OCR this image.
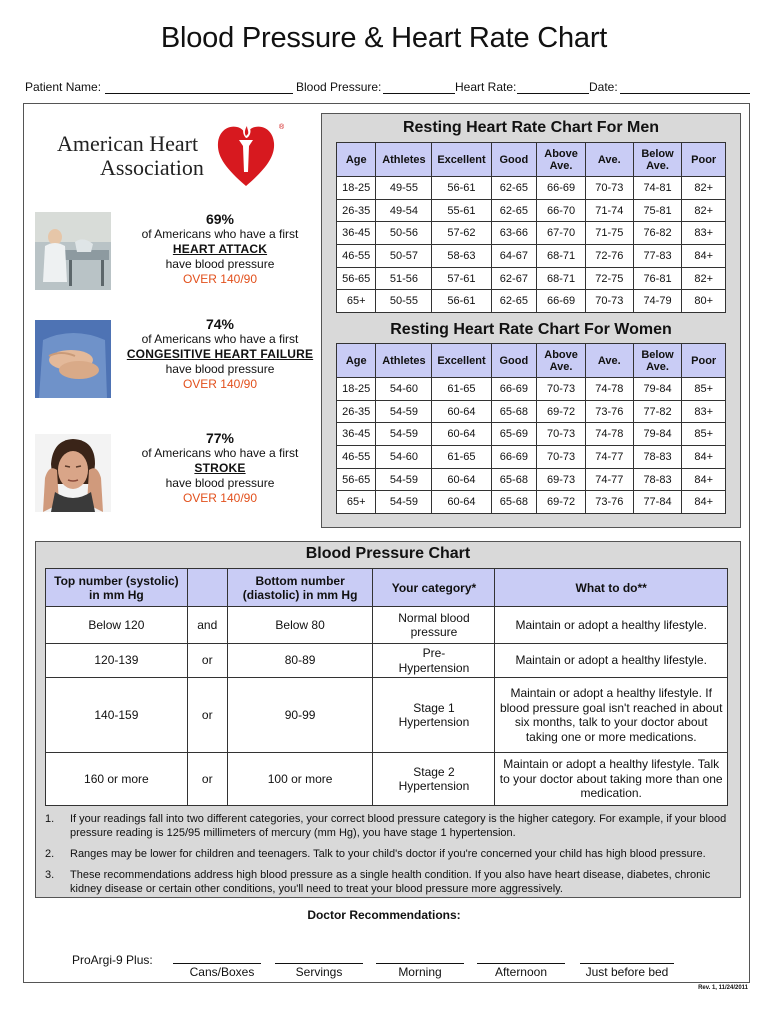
Blood Pressure & Heart Rate Chart
Patient Name:	Blood Pressure:	Heart Rate:	Date:
American Heart
Association
®
69%
of Americans who have a first
HEART ATTACK
have blood pressure
OVER 140/90
74%
of Americans who have a first
CONGESITIVE HEART FAILURE
have blood pressure
OVER 140/90
77%
of Americans who have a first
STROKE
have blood pressure
OVER 140/90
Resting Heart Rate Chart For Men
Age	Athletes	Excellent	Good	Above Ave.	Ave.	Below Ave.	Poor
18-25	49-55	56-61	62-65	66-69	70-73	74-81	82+
26-35	49-54	55-61	62-65	66-70	71-74	75-81	82+
36-45	50-56	57-62	63-66	67-70	71-75	76-82	83+
46-55	50-57	58-63	64-67	68-71	72-76	77-83	84+
56-65	51-56	57-61	62-67	68-71	72-75	76-81	82+
65+	50-55	56-61	62-65	66-69	70-73	74-79	80+
Resting Heart Rate Chart For Women
Age	Athletes	Excellent	Good	Above Ave.	Ave.	Below Ave.	Poor
18-25	54-60	61-65	66-69	70-73	74-78	79-84	85+
26-35	54-59	60-64	65-68	69-72	73-76	77-82	83+
36-45	54-59	60-64	65-69	70-73	74-78	79-84	85+
46-55	54-60	61-65	66-69	70-73	74-77	78-83	84+
56-65	54-59	60-64	65-68	69-73	74-77	78-83	84+
65+	54-59	60-64	65-68	69-72	73-76	77-84	84+
Blood Pressure Chart
Top number (systolic) in mm Hg		Bottom number (diastolic) in mm Hg	Your category*	What to do**
Below 120	and	Below 80	Normal blood pressure	Maintain or adopt a healthy lifestyle.
120-139	or	80-89	Pre-Hypertension	Maintain or adopt a healthy lifestyle.
140-159	or	90-99	Stage 1 Hypertension	Maintain or adopt a healthy lifestyle. If blood pressure goal isn't reached in about six months, talk to your doctor about taking one or more medications.
160 or more	or	100 or more	Stage 2 Hypertension	Maintain or adopt a healthy lifestyle. Talk to your doctor about taking more than one medication.
1. If your readings fall into two different categories, your correct blood pressure category is the higher category. For example, if your blood pressure reading is 125/95 millimeters of mercury (mm Hg), you have stage 1 hypertension.
2. Ranges may be lower for children and teenagers. Talk to your child's doctor if you're concerned your child has high blood pressure.
3. These recommendations address high blood pressure as a single health condition. If you also have heart disease, diabetes, chronic kidney disease or certain other conditions, you'll need to treat your blood pressure more aggressively.
Doctor Recommendations:
ProArgi-9 Plus:
Cans/Boxes	Servings	Morning	Afternoon	Just before bed
Rev. 1, 11/24/2011
